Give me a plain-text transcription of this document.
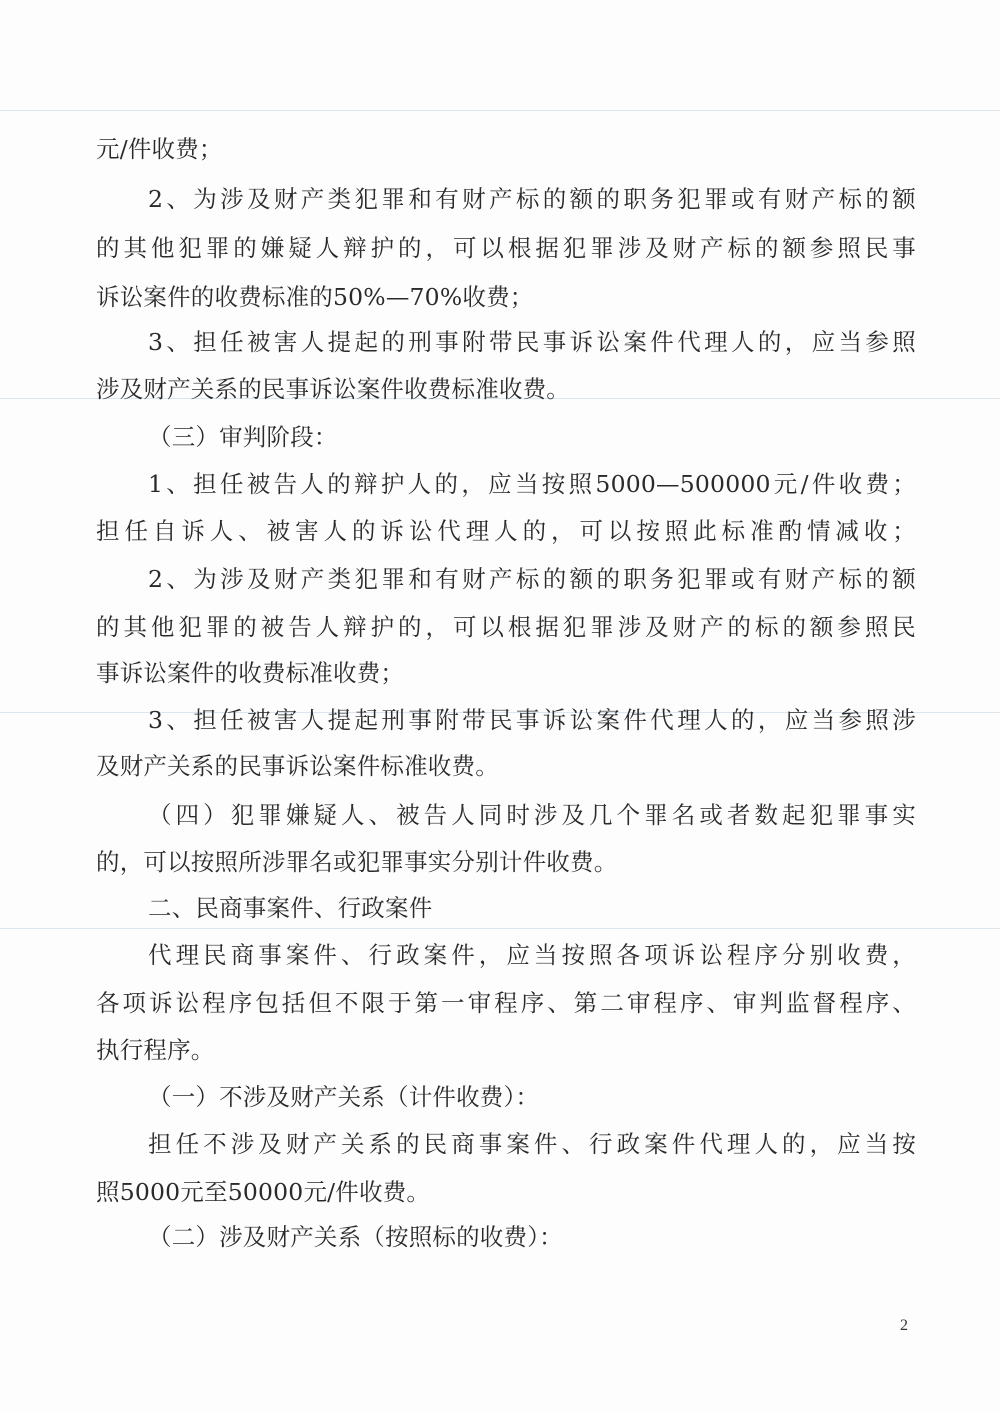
元/件收费；
2、为涉及财产类犯罪和有财产标的额的职务犯罪或有财产标的额
的其他犯罪的嫌疑人辩护的，可以根据犯罪涉及财产标的额参照民事
诉讼案件的收费标准的50%—70%收费；
3、担任被害人提起的刑事附带民事诉讼案件代理人的，应当参照
涉及财产关系的民事诉讼案件收费标准收费。
（三）审判阶段：
1、担任被告人的辩护人的，应当按照5000—500000元/件收费；
担任自诉人、被害人的诉讼代理人的，可以按照此标准酌情减收；
2、为涉及财产类犯罪和有财产标的额的职务犯罪或有财产标的额
的其他犯罪的被告人辩护的，可以根据犯罪涉及财产的标的额参照民
事诉讼案件的收费标准收费；
3、担任被害人提起刑事附带民事诉讼案件代理人的，应当参照涉
及财产关系的民事诉讼案件标准收费。
（四）犯罪嫌疑人、被告人同时涉及几个罪名或者数起犯罪事实
的，可以按照所涉罪名或犯罪事实分别计件收费。
二、民商事案件、行政案件
代理民商事案件、行政案件，应当按照各项诉讼程序分别收费，
各项诉讼程序包括但不限于第一审程序、第二审程序、审判监督程序、
执行程序。
（一）不涉及财产关系（计件收费）：
担任不涉及财产关系的民商事案件、行政案件代理人的，应当按
照5000元至50000元/件收费。
（二）涉及财产关系（按照标的收费）：
2
